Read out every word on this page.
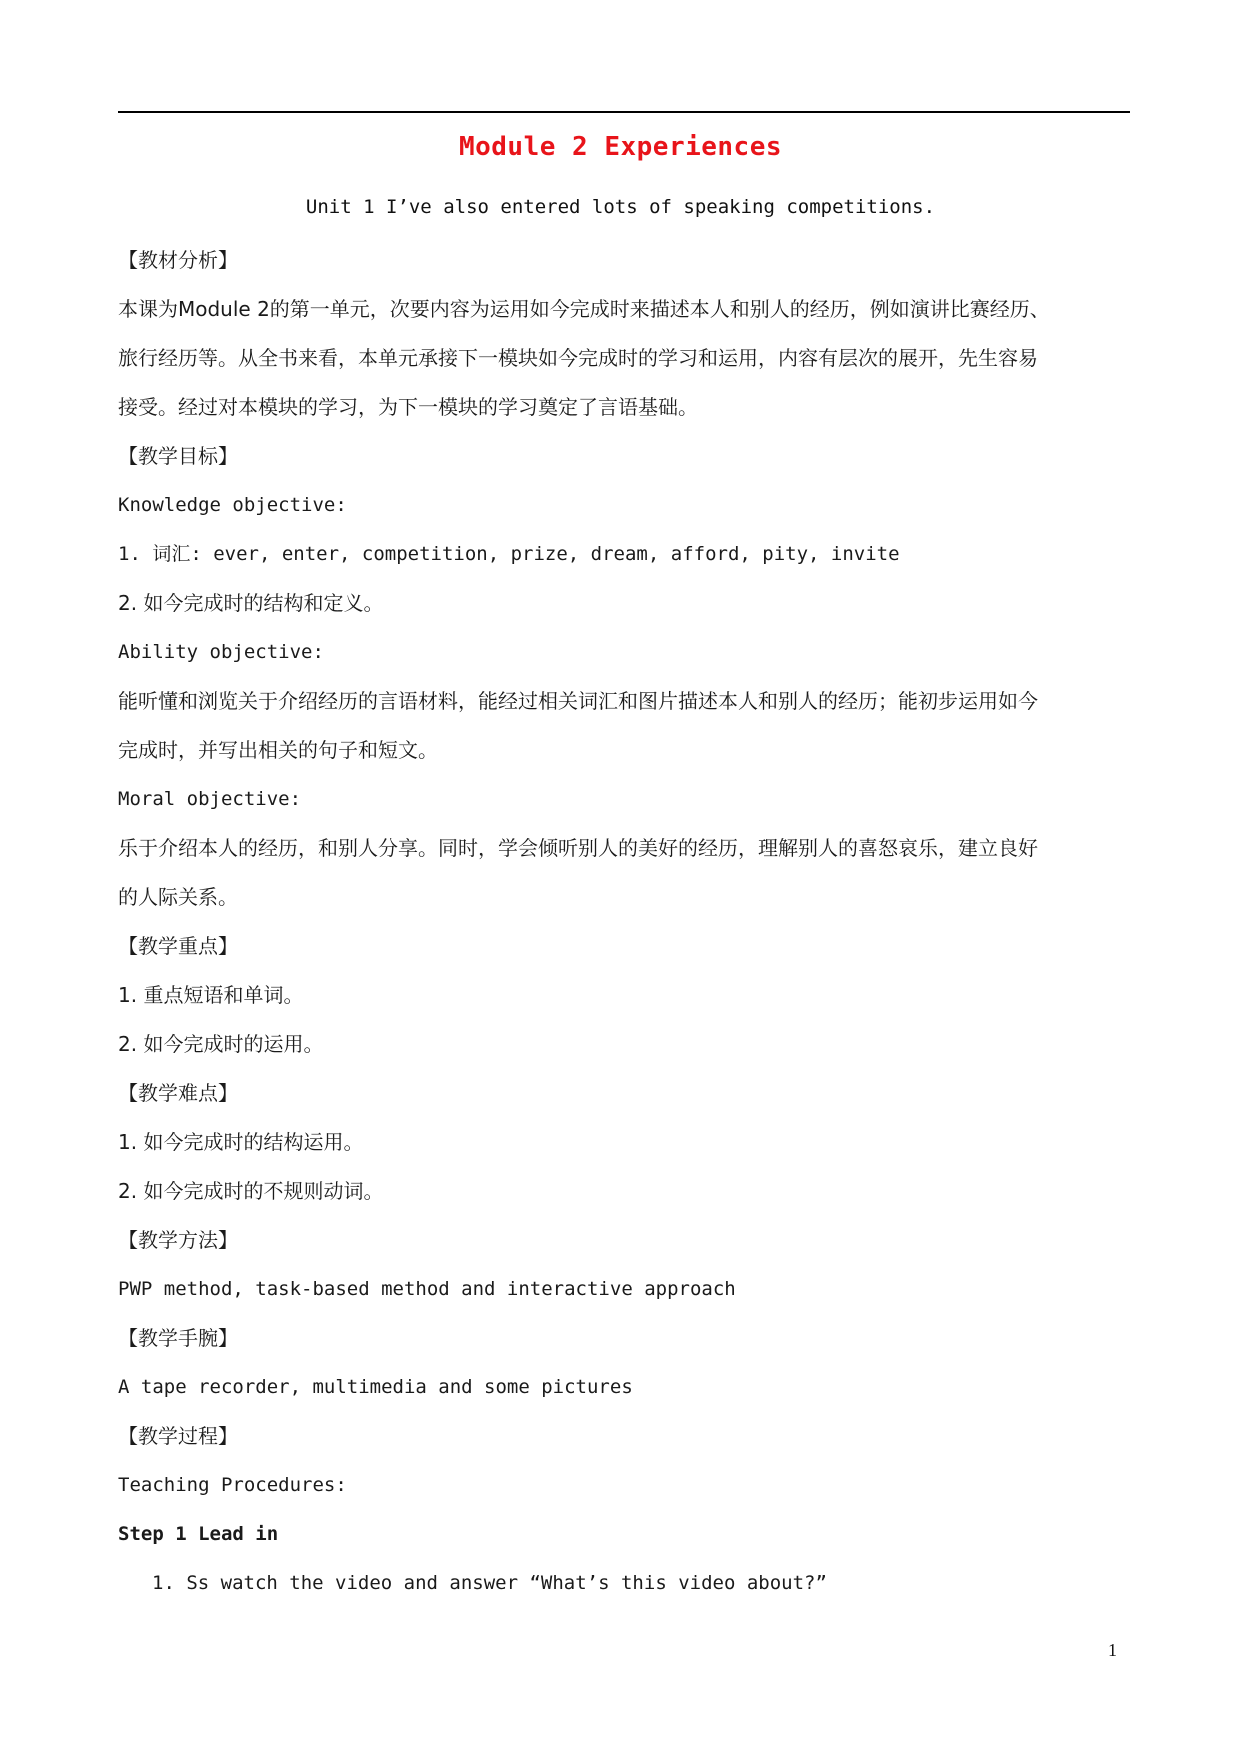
Module 2 Experiences
Unit 1 I’ve also entered lots of speaking competitions.
【教材分析】
本课为Module 2的第一单元，次要内容为运用如今完成时来描述本人和别人的经历，例如演讲比赛经历、
旅行经历等。从全书来看，本单元承接下一模块如今完成时的学习和运用，内容有层次的展开，先生容易
接受。经过对本模块的学习，为下一模块的学习奠定了言语基础。
【教学目标】
Knowledge objective:
1. 词汇: ever, enter, competition, prize, dream, afford, pity, invite
2. 如今完成时的结构和定义。
Ability objective:
能听懂和浏览关于介绍经历的言语材料，能经过相关词汇和图片描述本人和别人的经历；能初步运用如今
完成时，并写出相关的句子和短文。
Moral objective:
乐于介绍本人的经历，和别人分享。同时，学会倾听别人的美好的经历，理解别人的喜怒哀乐，建立良好
的人际关系。
【教学重点】
1. 重点短语和单词。
2. 如今完成时的运用。
【教学难点】
1. 如今完成时的结构运用。
2. 如今完成时的不规则动词。
【教学方法】
PWP method, task-based method and interactive approach
【教学手腕】
A tape recorder, multimedia and some pictures
【教学过程】
Teaching Procedures:
Step 1 Lead in
1. Ss watch the video and answer “What’s this video about?”
1
